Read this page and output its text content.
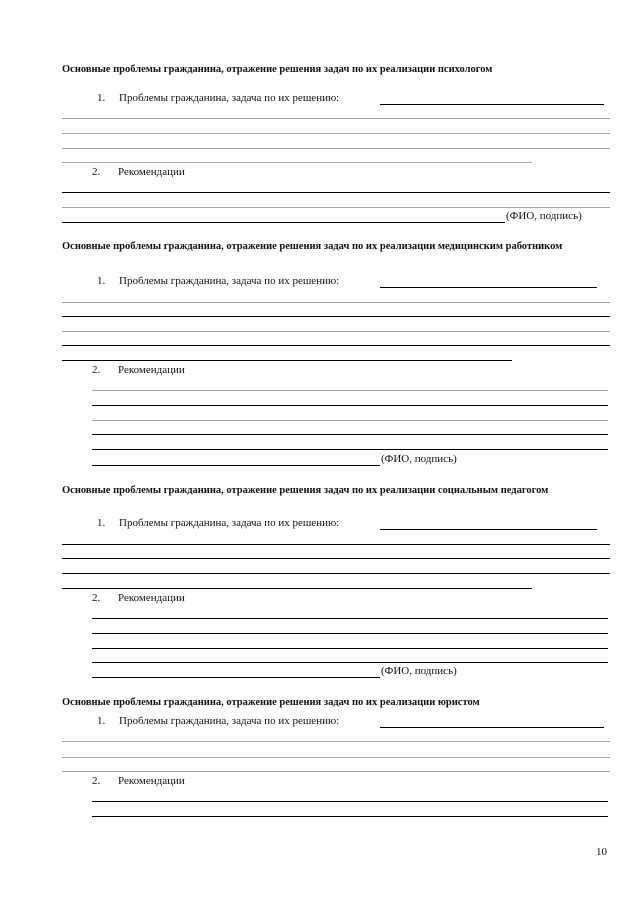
Основные проблемы гражданина, отражение решения задач по их реализации психологом
1. Проблемы гражданина, задача по их решению:
2. Рекомендации
(ФИО, подпись)
Основные проблемы гражданина, отражение решения задач по их реализации медицинским работником
1. Проблемы гражданина, задача по их решению:
2. Рекомендации
(ФИО, подпись)
Основные проблемы гражданина, отражение решения задач по их реализации социальным педагогом
1. Проблемы гражданина, задача по их решению:
2. Рекомендации
(ФИО, подпись)
Основные проблемы гражданина, отражение решения задач по их реализации юристом
1. Проблемы гражданина, задача по их решению:
2. Рекомендации
10
